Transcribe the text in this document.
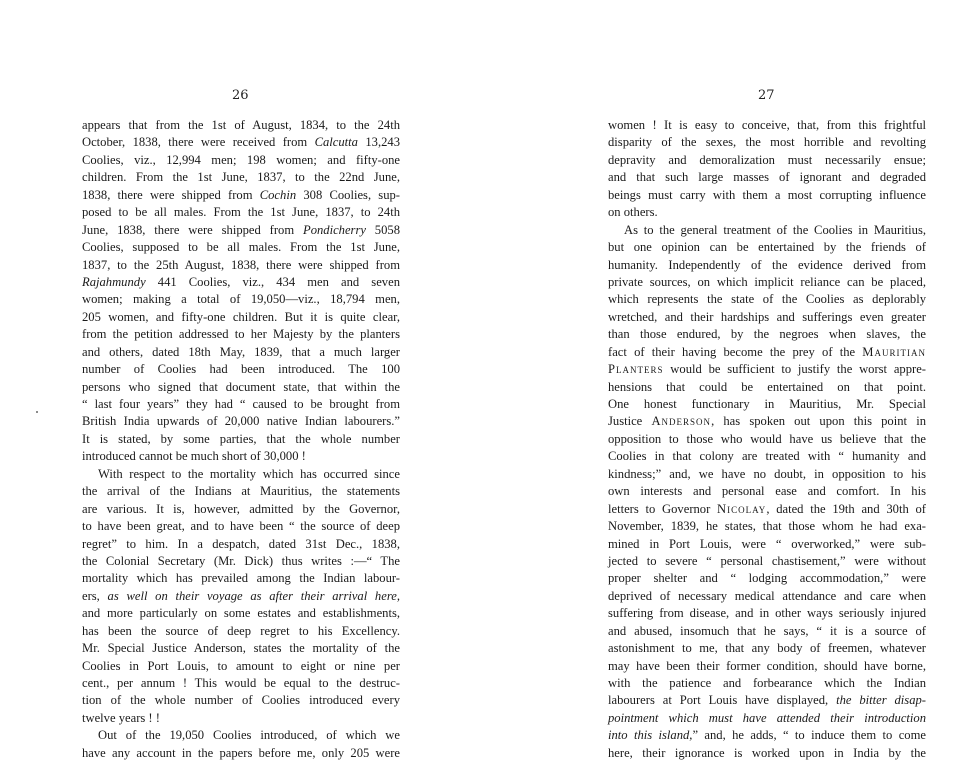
26
appears that from the 1st of August, 1834, to the 24th
October, 1838, there were received from Calcutta 13,243
Coolies, viz., 12,994 men; 198 women; and fifty-one
children. From the 1st June, 1837, to the 22nd June,
1838, there were shipped from Cochin 308 Coolies, sup-
posed to be all males. From the 1st June, 1837, to 24th
June, 1838, there were shipped from Pondicherry 5058
Coolies, supposed to be all males. From the 1st June,
1837, to the 25th August, 1838, there were shipped from
Rajahmundy 441 Coolies, viz., 434 men and seven
women; making a total of 19,050—viz., 18,794 men,
205 women, and fifty-one children. But it is quite clear,
from the petition addressed to her Majesty by the planters
and others, dated 18th May, 1839, that a much larger
number of Coolies had been introduced. The 100
persons who signed that document state, that within the
“ last four years” they had “ caused to be brought from
British India upwards of 20,000 native Indian labourers.”
It is stated, by some parties, that the whole number
introduced cannot be much short of 30,000 !
With respect to the mortality which has occurred since
the arrival of the Indians at Mauritius, the statements
are various. It is, however, admitted by the Governor,
to have been great, and to have been “ the source of deep
regret” to him. In a despatch, dated 31st Dec., 1838,
the Colonial Secretary (Mr. Dick) thus writes :—“ The
mortality which has prevailed among the Indian labour-
ers, as well on their voyage as after their arrival here,
and more particularly on some estates and establishments,
has been the source of deep regret to his Excellency.
Mr. Special Justice Anderson, states the mortality of the
Coolies in Port Louis, to amount to eight or nine per
cent., per annum ! This would be equal to the destruc-
tion of the whole number of Coolies introduced every
twelve years ! !
Out of the 19,050 Coolies introduced, of which we
have any account in the papers before me, only 205 were
27
women ! It is easy to conceive, that, from this frightful
disparity of the sexes, the most horrible and revolting
depravity and demoralization must necessarily ensue;
and that such large masses of ignorant and degraded
beings must carry with them a most corrupting influence
on others.
As to the general treatment of the Coolies in Mauritius,
but one opinion can be entertained by the friends of
humanity. Independently of the evidence derived from
private sources, on which implicit reliance can be placed,
which represents the state of the Coolies as deplorably
wretched, and their hardships and sufferings even greater
than those endured, by the negroes when slaves, the
fact of their having become the prey of the Mauritian
Planters would be sufficient to justify the worst appre-
hensions that could be entertained on that point.
One honest functionary in Mauritius, Mr. Special
Justice Anderson, has spoken out upon this point in
opposition to those who would have us believe that the
Coolies in that colony are treated with “ humanity and
kindness;” and, we have no doubt, in opposition to his
own interests and personal ease and comfort. In his
letters to Governor Nicolay, dated the 19th and 30th of
November, 1839, he states, that those whom he had exa-
mined in Port Louis, were “ overworked,” were sub-
jected to severe “ personal chastisement,” were without
proper shelter and “ lodging accommodation,” were
deprived of necessary medical attendance and care when
suffering from disease, and in other ways seriously injured
and abused, insomuch that he says, “ it is a source of
astonishment to me, that any body of freemen, whatever
may have been their former condition, should have borne,
with the patience and forbearance which the Indian
labourers at Port Louis have displayed, the bitter disap-
pointment which must have attended their introduction
into this island,” and, he adds, “ to induce them to come
here, their ignorance is worked upon in India by the
